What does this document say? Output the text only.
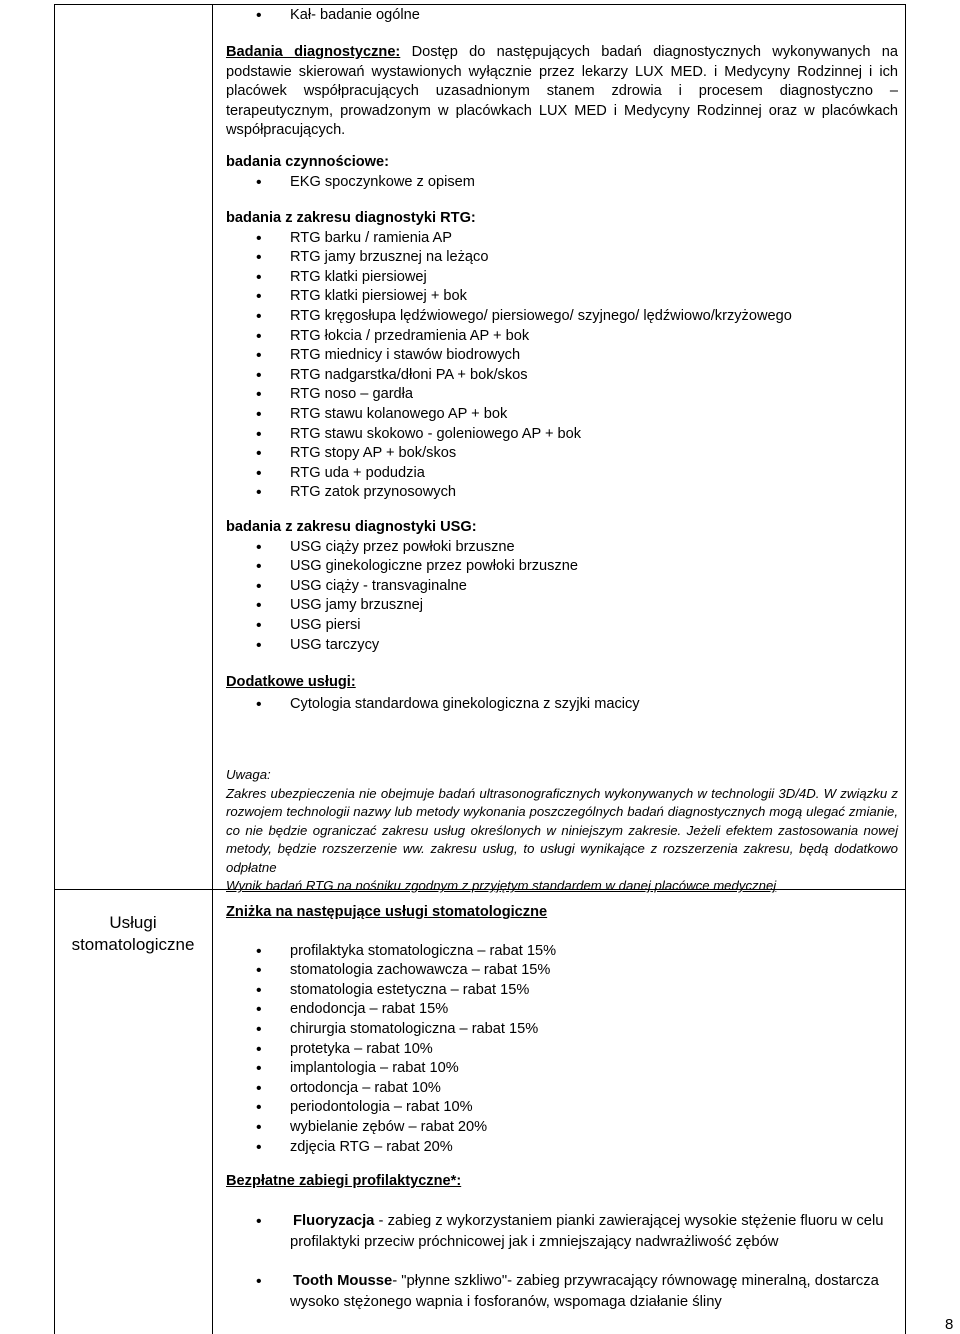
Usługi stomatologiczne
• Kał- badanie ogólne
Badania diagnostyczne: Dostęp do następujących badań diagnostycznych wykonywanych na podstawie skierowań wystawionych wyłącznie przez lekarzy LUX MED. i Medycyny Rodzinnej i ich placówek współpracujących uzasadnionym stanem zdrowia i procesem diagnostyczno – terapeutycznym, prowadzonym w placówkach LUX MED i Medycyny Rodzinnej oraz w placówkach współpracujących.
badania czynnościowe:
• EKG spoczynkowe z opisem
badania z zakresu diagnostyki RTG:
• RTG barku / ramienia AP
• RTG jamy brzusznej na leżąco
• RTG klatki piersiowej
• RTG klatki piersiowej + bok
• RTG kręgosłupa lędźwiowego/ piersiowego/ szyjnego/ lędźwiowo/krzyżowego
• RTG łokcia / przedramienia AP + bok
• RTG miednicy i stawów biodrowych
• RTG nadgarstka/dłoni PA + bok/skos
• RTG noso – gardła
• RTG stawu kolanowego AP + bok
• RTG stawu skokowo - goleniowego AP + bok
• RTG stopy AP + bok/skos
• RTG uda + podudzia
• RTG zatok przynosowych
badania z zakresu diagnostyki USG:
• USG ciąży przez powłoki brzuszne
• USG ginekologiczne przez powłoki brzuszne
• USG ciąży - transvaginalne
• USG jamy brzusznej
• USG piersi
• USG tarczycy
Dodatkowe usługi:
• Cytologia standardowa ginekologiczna z szyjki macicy
Uwaga:
Zakres ubezpieczenia nie obejmuje badań ultrasonograficznych wykonywanych w technologii 3D/4D. W związku z rozwojem technologii nazwy lub metody wykonania poszczególnych badań diagnostycznych mogą ulegać zmianie, co nie będzie ograniczać zakresu usług określonych w niniejszym zakresie. Jeżeli efektem zastosowania nowej metody, będzie rozszerzenie ww. zakresu usług, to usługi wynikające z rozszerzenia zakresu, będą dodatkowo odpłatne
Wynik badań RTG na nośniku zgodnym z przyjętym standardem w danej placówce medycznej
Zniżka na następujące usługi stomatologiczne
• profilaktyka stomatologiczna – rabat 15%
• stomatologia zachowawcza – rabat 15%
• stomatologia estetyczna – rabat 15%
• endodoncja – rabat 15%
• chirurgia stomatologiczna – rabat 15%
• protetyka – rabat 10%
• implantologia – rabat 10%
• ortodoncja – rabat 10%
• periodontologia – rabat 10%
• wybielanie zębów – rabat 20%
• zdjęcia RTG – rabat 20%
Bezpłatne zabiegi profilaktyczne*:
• Fluoryzacja - zabieg z wykorzystaniem pianki zawierającej wysokie stężenie fluoru w celu profilaktyki przeciw próchnicowej jak i zmniejszający nadwrażliwość zębów
• Tooth Mousse- "płynne szkliwo"- zabieg przywracający równowagę mineralną, dostarcza wysoko stężonego wapnia i fosforanów, wspomaga działanie śliny
8
